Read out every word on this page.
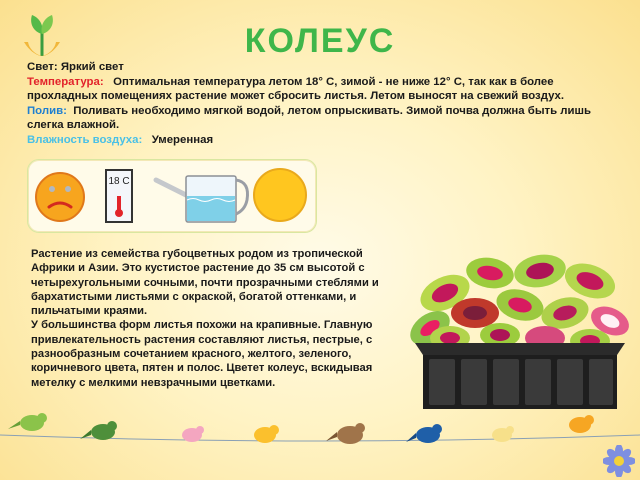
КОЛЕУС

Свет: Яркий свет

Температура: Оптимальная температура летом 18° С, зимой - не ниже 12° С, так как в более прохладных помещениях растение может сбросить листья. Летом выносят на свежий воздух.

Полив: Поливать необходимо мягкой водой, летом опрыскивать. Зимой почва должна быть лишь слегка влажной.

Влажность воздуха: Умеренная

18 С

Растение из семейства губоцветных родом из тропической Африки и Азии. Это кустистое растение до 35 см высотой с четырехугольными сочными, почти прозрачными стеблями и бархатистыми листьями с окраской, богатой оттенками, и пильчатыми краями.

У большинства форм листья похожи на крапивные. Главную привлекательность растения составляют листья, пестрые, с разнообразным сочетанием красного, желтого, зеленого, коричневого цвета, пятен и полос. Цветет колеус, вскидывая метелку с мелкими невзрачными цветками.
